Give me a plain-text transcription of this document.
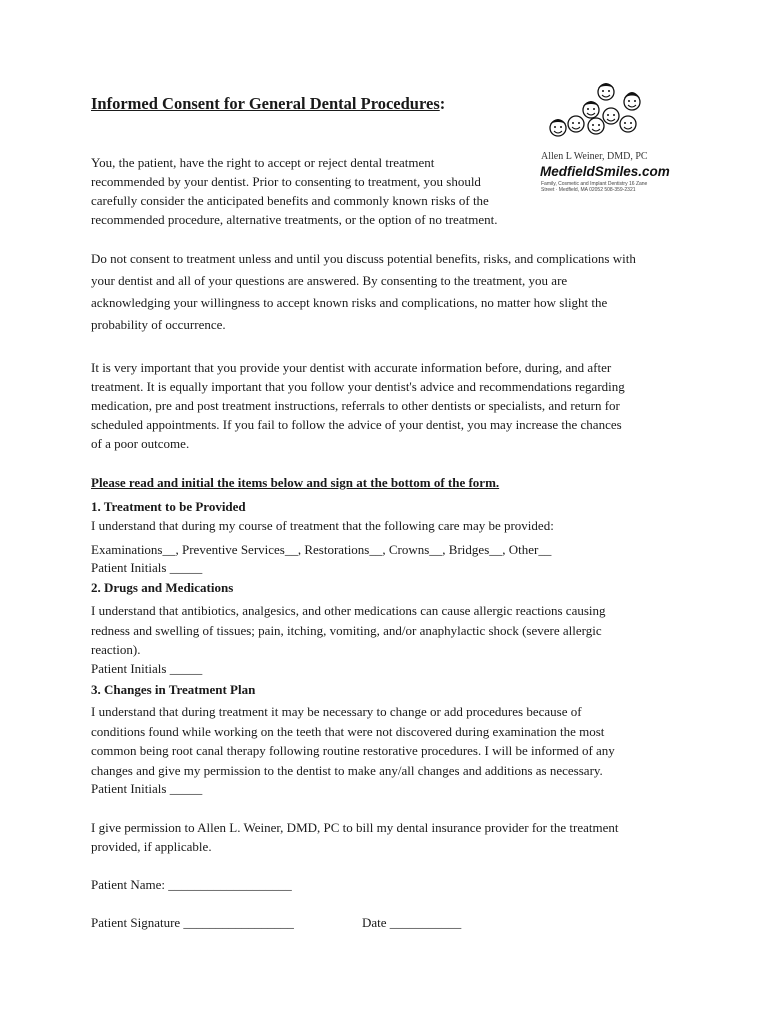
Informed Consent for General Dental Procedures:
Allen L Weiner, DMD, PC
MedfieldSmiles.com
Family, Cosmetic and Implant Dentistry 16 Zane Street · Medfield, MA 02052 508-359-2321
You, the patient, have the right to accept or reject dental treatment
recommended by your dentist. Prior to consenting to treatment, you should
carefully consider the anticipated benefits and commonly known risks of the
recommended procedure, alternative treatments, or the option of no treatment.
Do not consent to treatment unless and until you discuss potential benefits, risks, and complications with
your dentist and all of your questions are answered. By consenting to the treatment, you are
acknowledging your willingness to accept known risks and complications, no matter how slight the
probability of occurrence.
It is very important that you provide your dentist with accurate information before, during, and after
treatment. It is equally important that you follow your dentist's advice and recommendations regarding
medication, pre and post treatment instructions, referrals to other dentists or specialists, and return for
scheduled appointments. If you fail to follow the advice of your dentist, you may increase the chances
of a poor outcome.
Please read and initial the items below and sign at the bottom of the form.
1. Treatment to be Provided
I understand that during my course of treatment that the following care may be provided:
Examinations__, Preventive Services__, Restorations__, Crowns__, Bridges__, Other__
Patient Initials _____
2. Drugs and Medications
I understand that antibiotics, analgesics, and other medications can cause allergic reactions causing
redness and swelling of tissues; pain, itching, vomiting, and/or anaphylactic shock (severe allergic
reaction).
Patient Initials _____
3. Changes in Treatment Plan
I understand that during treatment it may be necessary to change or add procedures because of
conditions found while working on the teeth that were not discovered during examination the most
common being root canal therapy following routine restorative procedures. I will be informed of any
changes and give my permission to the dentist to make any/all changes and additions as necessary.
Patient Initials _____
I give permission to Allen L. Weiner, DMD, PC to bill my dental insurance provider for the treatment
provided, if applicable.
Patient Name: ___________________
Patient Signature _________________	Date ___________
